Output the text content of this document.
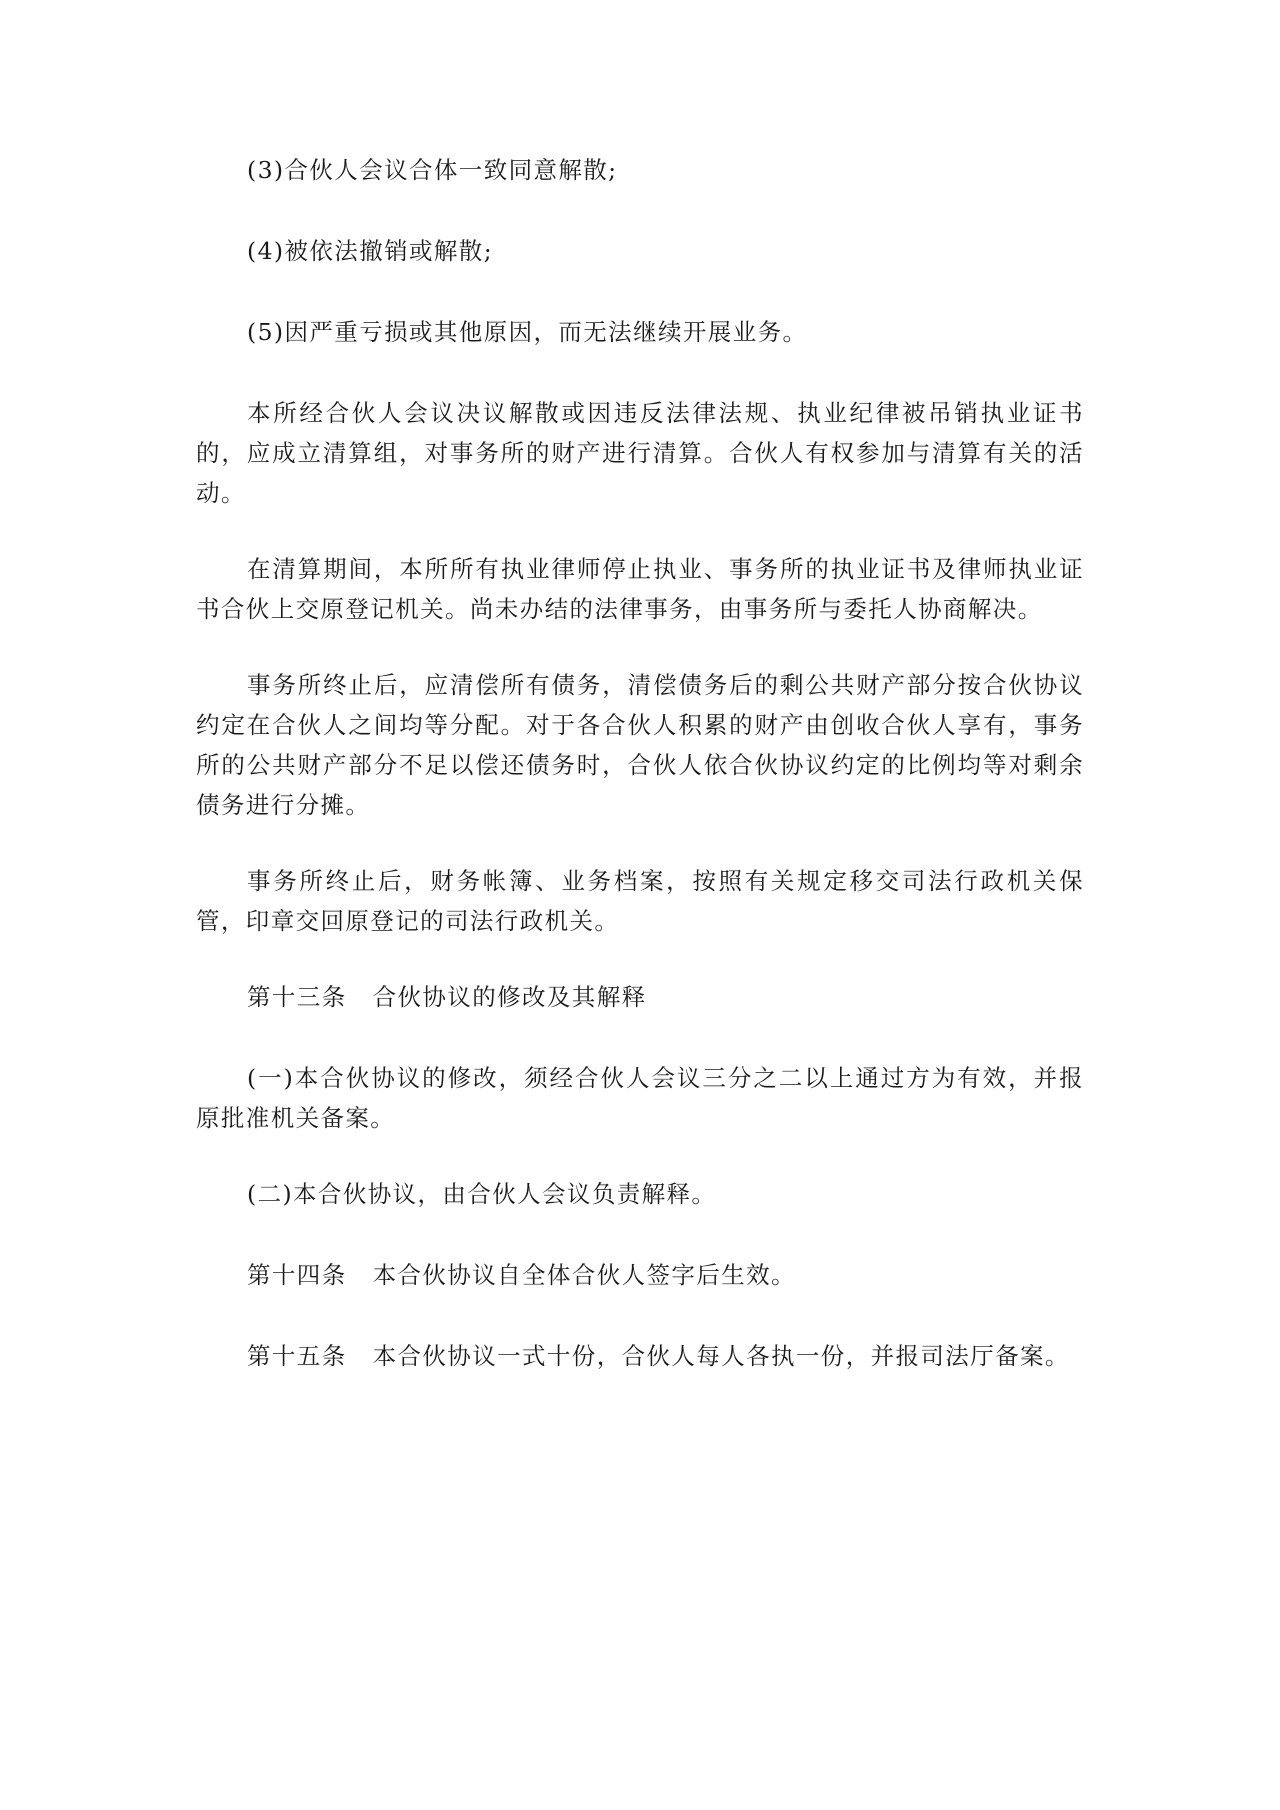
(3)合伙人会议合体一致同意解散;

(4)被依法撤销或解散;

(5)因严重亏损或其他原因，而无法继续开展业务。

本所经合伙人会议决议解散或因违反法律法规、执业纪律被吊销执业证书的，应成立清算组，对事务所的财产进行清算。合伙人有权参加与清算有关的活动。

在清算期间，本所所有执业律师停止执业、事务所的执业证书及律师执业证书合伙上交原登记机关。尚未办结的法律事务，由事务所与委托人协商解决。

事务所终止后，应清偿所有债务，清偿债务后的剩公共财产部分按合伙协议约定在合伙人之间均等分配。对于各合伙人积累的财产由创收合伙人享有，事务所的公共财产部分不足以偿还债务时，合伙人依合伙协议约定的比例均等对剩余债务进行分摊。

事务所终止后，财务帐簿、业务档案，按照有关规定移交司法行政机关保管，印章交回原登记的司法行政机关。

第十三条 合伙协议的修改及其解释

(一)本合伙协议的修改，须经合伙人会议三分之二以上通过方为有效，并报原批准机关备案。

(二)本合伙协议，由合伙人会议负责解释。

第十四条 本合伙协议自全体合伙人签字后生效。

第十五条 本合伙协议一式十份，合伙人每人各执一份，并报司法厅备案。
